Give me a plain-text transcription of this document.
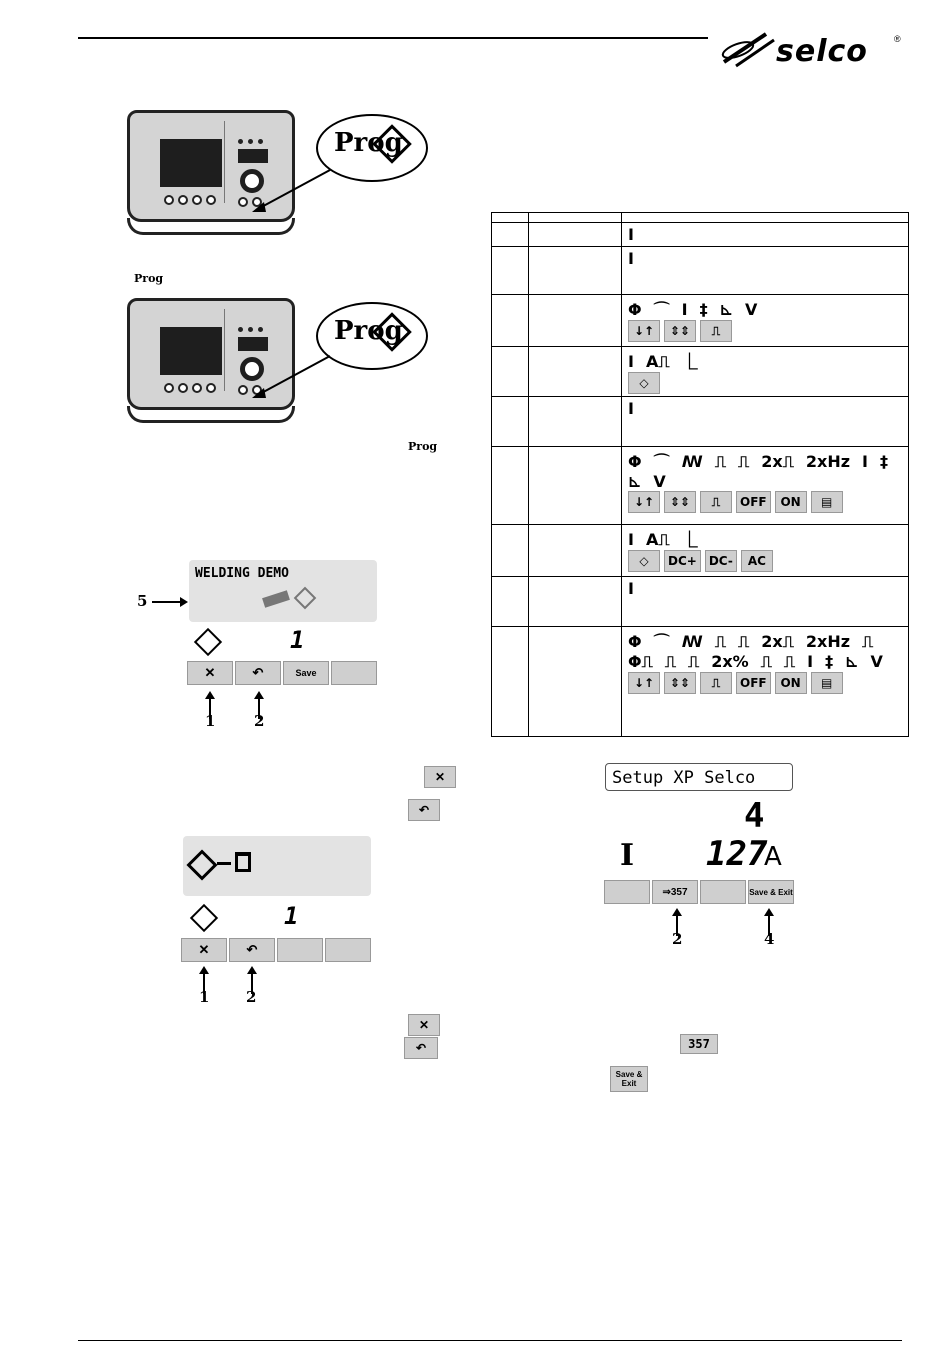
selco	®
Prog
Prog
Prog
Prog
WELDING DEMO
5
1
✕	↶	Save
1	2
✕
↶
1
✕	↶
1 2
✕
↶	357
Save & Exit

		I
		I
		Φ ⌒ I ‡ ⊾ V
↓↑ ⇕⇕ ⎍
		I A⎍ ⎿
◇
		I
		Φ ⌒ ꟿ ⎍ ⎍ 2x⎍ 2xHz I ‡⊾ V
↓↑ ⇕⇕ ⎍ OFF ON ▤
		I A⎍ ⎿
◇ DC+ DC- AC
		I
		Φ ⌒ ꟿ ⎍ ⎍ 2x⎍ 2xHz ⎍Φ⎍ ⎍ ⎍ 2x% ⎍ ⎍ I ‡ ⊾ V
↓↑ ⇕⇕ ⎍ OFF ON ▤
Setup XP Selco
4
I 127
A
⇒357	Save & Exit
2	4
